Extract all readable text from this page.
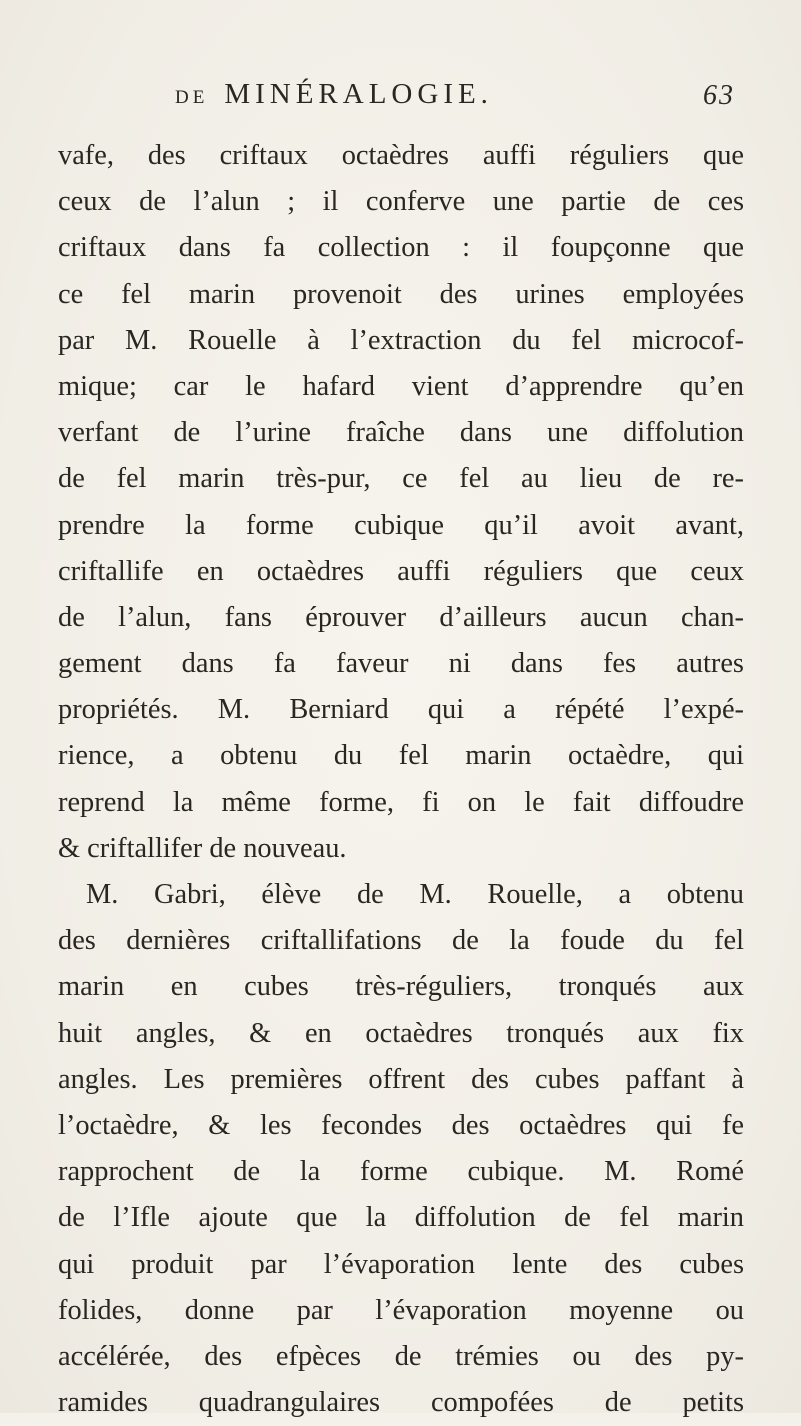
DE MINÉRALOGIE.	63
vafe, des criftaux octaèdres auffi réguliers que
ceux de l’alun ; il conferve une partie de ces
criftaux dans fa collection : il foupçonne que
ce fel marin provenoit des urines employées
par M. Rouelle à l’extraction du fel microcof-
mique; car le hafard vient d’apprendre qu’en
verfant de l’urine fraîche dans une diffolution
de fel marin très-pur, ce fel au lieu de re-
prendre la forme cubique qu’il avoit avant,
criftallife en octaèdres auffi réguliers que ceux
de l’alun, fans éprouver d’ailleurs aucun chan-
gement dans fa faveur ni dans fes autres
propriétés. M. Berniard qui a répété l’expé-
rience, a obtenu du fel marin octaèdre, qui
reprend la même forme, fi on le fait diffoudre
& criftallifer de nouveau.
M. Gabri, élève de M. Rouelle, a obtenu
des dernières criftallifations de la foude du fel
marin en cubes très-réguliers, tronqués aux
huit angles, & en octaèdres tronqués aux fix
angles. Les premières offrent des cubes paffant à
l’octaèdre, & les fecondes des octaèdres qui fe
rapprochent de la forme cubique. M. Romé
de l’Ifle ajoute que la diffolution de fel marin
qui produit par l’évaporation lente des cubes
folides, donne par l’évaporation moyenne ou
accélérée, des efpèces de trémies ou des py-
ramides quadrangulaires compofées de petits
